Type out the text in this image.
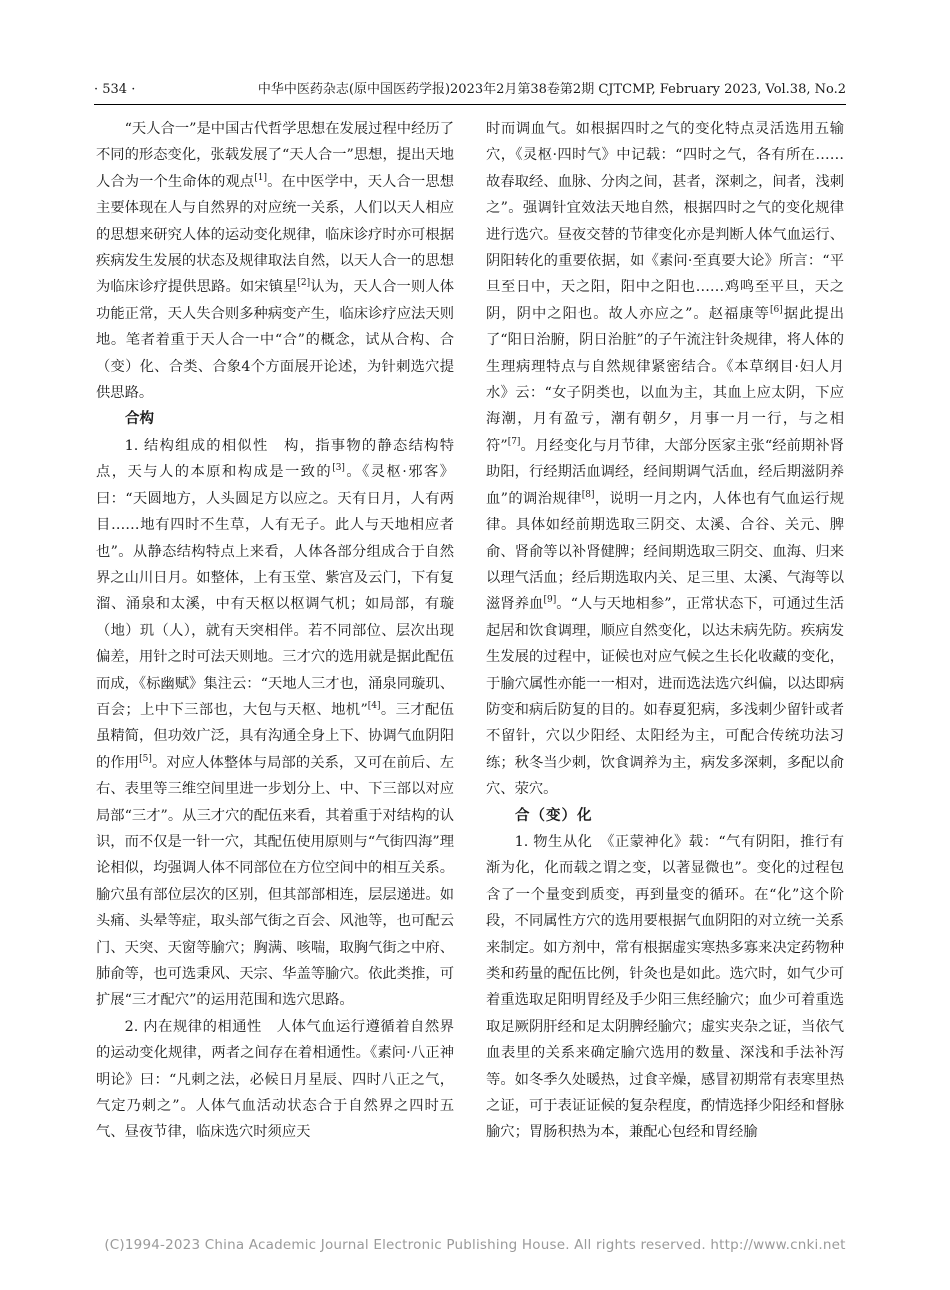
· 534 ·	中华中医药杂志(原中国医药学报)2023年2月第38卷第2期 CJTCMP, February 2023, Vol.38, No.2

“天人合一”是中国古代哲学思想在发展过程中经历了不同的形态变化，张载发展了“天人合一”思想，提出天地人合为一个生命体的观点[1]。在中医学中，天人合一思想主要体现在人与自然界的对应统一关系，人们以天人相应的思想来研究人体的运动变化规律，临床诊疗时亦可根据疾病发生发展的状态及规律取法自然，以天人合一的思想为临床诊疗提供思路。如宋镇星[2]认为，天人合一则人体功能正常，天人失合则多种病变产生，临床诊疗应法天则地。笔者着重于天人合一中“合”的概念，试从合构、合（变）化、合类、合象4个方面展开论述，为针刺选穴提供思路。

合构

1. 结构组成的相似性　构，指事物的静态结构特点，天与人的本原和构成是一致的[3]。《灵枢·邪客》曰：“天圆地方，人头圆足方以应之。天有日月，人有两目……地有四时不生草，人有无子。此人与天地相应者也”。从静态结构特点上来看，人体各部分组成合于自然界之山川日月。如整体，上有玉堂、紫宫及云门，下有复溜、涌泉和太溪，中有天枢以枢调气机；如局部，有璇（地）玑（人），就有天突相伴。若不同部位、层次出现偏差，用针之时可法天则地。三才穴的选用就是据此配伍而成，《标幽赋》集注云：“天地人三才也，涌泉同璇玑、百会；上中下三部也，大包与天枢、地机”[4]。三才配伍虽精简，但功效广泛，具有沟通全身上下、协调气血阴阳的作用[5]。对应人体整体与局部的关系，又可在前后、左右、表里等三维空间里进一步划分上、中、下三部以对应局部“三才”。从三才穴的配伍来看，其着重于对结构的认识，而不仅是一针一穴，其配伍使用原则与“气街四海”理论相似，均强调人体不同部位在方位空间中的相互关系。腧穴虽有部位层次的区别，但其部部相连，层层递进。如头痛、头晕等症，取头部气街之百会、风池等，也可配云门、天突、天窗等腧穴；胸满、咳喘，取胸气街之中府、肺俞等，也可选秉风、天宗、华盖等腧穴。依此类推，可扩展“三才配穴”的运用范围和选穴思路。

2. 内在规律的相通性　人体气血运行遵循着自然界的运动变化规律，两者之间存在着相通性。《素问·八正神明论》曰：“凡刺之法，必候日月星辰、四时八正之气，气定乃刺之”。人体气血活动状态合于自然界之四时五气、昼夜节律，临床选穴时须应天

时而调血气。如根据四时之气的变化特点灵活选用五输穴，《灵枢·四时气》中记载：“四时之气，各有所在……故春取经、血脉、分肉之间，甚者，深刺之，间者，浅刺之”。强调针宜效法天地自然，根据四时之气的变化规律进行选穴。昼夜交替的节律变化亦是判断人体气血运行、阴阳转化的重要依据，如《素问·至真要大论》所言：“平旦至日中，天之阳，阳中之阳也……鸡鸣至平旦，天之阴，阴中之阳也。故人亦应之”。赵福康等[6]据此提出了“阳日治腑，阴日治脏”的子午流注针灸规律，将人体的生理病理特点与自然规律紧密结合。《本草纲目·妇人月水》云：“女子阴类也，以血为主，其血上应太阴，下应海潮，月有盈亏，潮有朝夕，月事一月一行，与之相符”[7]。月经变化与月节律，大部分医家主张“经前期补肾助阳，行经期活血调经，经间期调气活血，经后期滋阴养血”的调治规律[8]，说明一月之内，人体也有气血运行规律。具体如经前期选取三阴交、太溪、合谷、关元、脾俞、肾俞等以补肾健脾；经间期选取三阴交、血海、归来以理气活血；经后期选取内关、足三里、太溪、气海等以滋肾养血[9]。“人与天地相参”，正常状态下，可通过生活起居和饮食调理，顺应自然变化，以达未病先防。疾病发生发展的过程中，证候也对应气候之生长化收藏的变化，于腧穴属性亦能一一相对，进而选法选穴纠偏，以达即病防变和病后防复的目的。如春夏犯病，多浅刺少留针或者不留针，穴以少阳经、太阳经为主，可配合传统功法习练；秋冬当少刺，饮食调养为主，病发多深刺，多配以俞穴、荥穴。

合（变）化

1. 物生从化　《正蒙神化》载：“气有阴阳，推行有渐为化，化而载之谓之变，以著显微也”。变化的过程包含了一个量变到质变，再到量变的循环。在“化”这个阶段，不同属性方穴的选用要根据气血阴阳的对立统一关系来制定。如方剂中，常有根据虚实寒热多寡来决定药物种类和药量的配伍比例，针灸也是如此。选穴时，如气少可着重选取足阳明胃经及手少阳三焦经腧穴；血少可着重选取足厥阴肝经和足太阴脾经腧穴；虚实夹杂之证，当依气血表里的关系来确定腧穴选用的数量、深浅和手法补泻等。如冬季久处暖热，过食辛燥，感冒初期常有表寒里热之证，可于表证证候的复杂程度，酌情选择少阳经和督脉腧穴；胃肠积热为本，兼配心包经和胃经腧

(C)1994-2023 China Academic Journal Electronic Publishing House. All rights reserved. http://www.cnki.net
